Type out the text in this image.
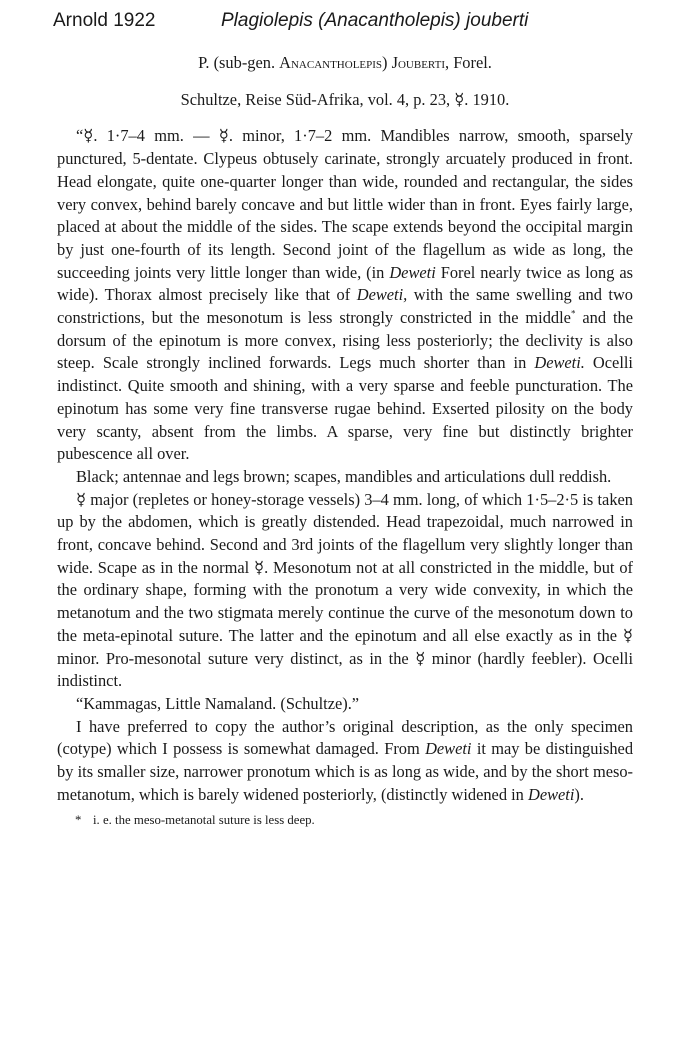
Arnold 1922	Plagiolepis (Anacantholepis) jouberti

P. (sub-gen. Anacantholepis) Jouberti, Forel.

Schultze, Reise Süd-Afrika, vol. 4, p. 23, ☿. 1910.

“☿. 1·7–4 mm. — ☿. minor, 1·7–2 mm. Mandibles narrow, smooth, sparsely punctured, 5-dentate. Clypeus obtusely carinate, strongly arcuately produced in front. Head elongate, quite one-quarter longer than wide, rounded and rectangular, the sides very convex, behind barely concave and but little wider than in front. Eyes fairly large, placed at about the middle of the sides. The scape extends beyond the occipital margin by just one-fourth of its length. Second joint of the flagellum as wide as long, the succeeding joints very little longer than wide, (in Deweti Forel nearly twice as long as wide). Thorax almost precisely like that of Deweti, with the same swelling and two constrictions, but the mesonotum is less strongly constricted in the middle* and the dorsum of the epinotum is more convex, rising less posteriorly; the declivity is also steep. Scale strongly inclined forwards. Legs much shorter than in Deweti. Ocelli indistinct. Quite smooth and shining, with a very sparse and feeble puncturation. The epinotum has some very fine transverse rugae behind. Exserted pilosity on the body very scanty, absent from the limbs. A sparse, very fine but distinctly brighter pubescence all over.

Black; antennae and legs brown; scapes, mandibles and articulations dull reddish.

☿ major (repletes or honey-storage vessels) 3–4 mm. long, of which 1·5–2·5 is taken up by the abdomen, which is greatly distended. Head trapezoidal, much narrowed in front, concave behind. Second and 3rd joints of the flagellum very slightly longer than wide. Scape as in the normal ☿. Mesonotum not at all constricted in the middle, but of the ordinary shape, forming with the pronotum a very wide convexity, in which the metanotum and the two stigmata merely continue the curve of the mesonotum down to the meta-epinotal suture. The latter and the epinotum and all else exactly as in the ☿ minor. Pro-mesonotal suture very distinct, as in the ☿ minor (hardly feebler). Ocelli indistinct.

“Kammagas, Little Namaland. (Schultze).”

I have preferred to copy the author’s original description, as the only specimen (cotype) which I possess is somewhat damaged. From Deweti it may be distinguished by its smaller size, narrower pronotum which is as long as wide, and by the short meso-metanotum, which is barely widened posteriorly, (distinctly widened in Deweti).

* i. e. the meso-metanotal suture is less deep.
